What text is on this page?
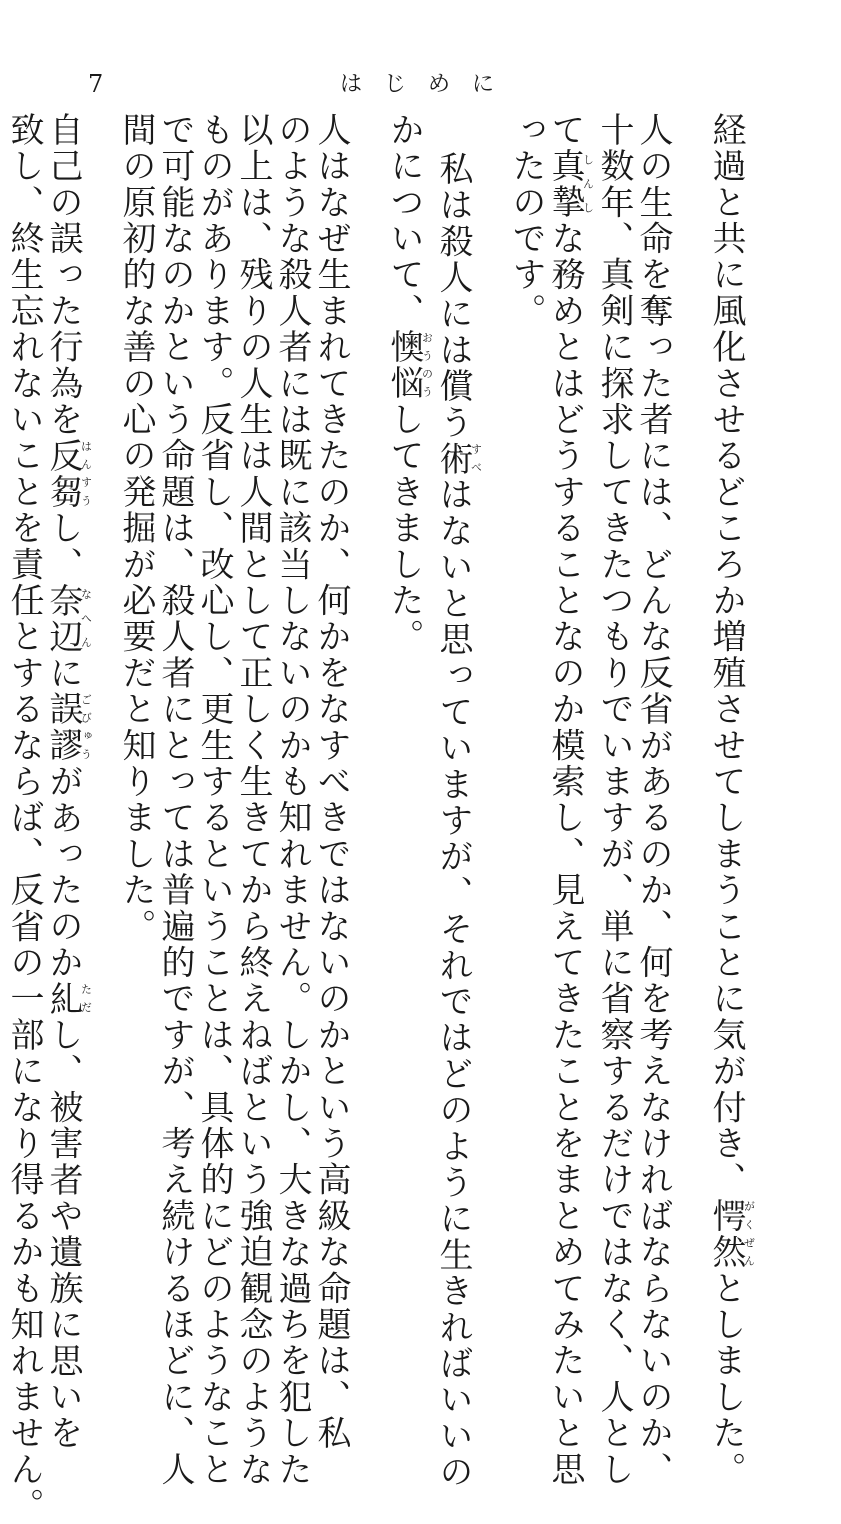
7	はじめに
経過と共に風化させるどころか増殖させてしまうことに気が付き、愕然がくぜんとしました。
人の生命を奪った者には、どんな反省があるのか、何を考えなければならないのか、
十数年、真剣に探求してきたつもりでいますが、単に省察するだけではなく、人とし
て真摯しんしな務めとはどうすることなのか模索し、見えてきたことをまとめてみたいと思
ったのです。
私は殺人には償う術すべはないと思っていますが、それではどのように生きればいいの
かについて、懊悩おうのうしてきました。
人はなぜ生まれてきたのか、何かをなすべきではないのかという高級な命題は、私
のような殺人者には既に該当しないのかも知れません。しかし、大きな過ちを犯した
以上は、残りの人生は人間として正しく生きてから終えねばという強迫観念のような
ものがあります。反省し、改心し、更生するということは、具体的にどのようなこと
で可能なのかという命題は、殺人者にとっては普遍的ですが、考え続けるほどに、人
間の原初的な善の心の発掘が必要だと知りました。
自己の誤った行為を反芻はんすうし、奈辺なへんに誤謬ごびゅうがあったのか糺ただし、被害者や遺族に思いを
致し、終生忘れないことを責任とするならば、反省の一部になり得るかも知れません。
